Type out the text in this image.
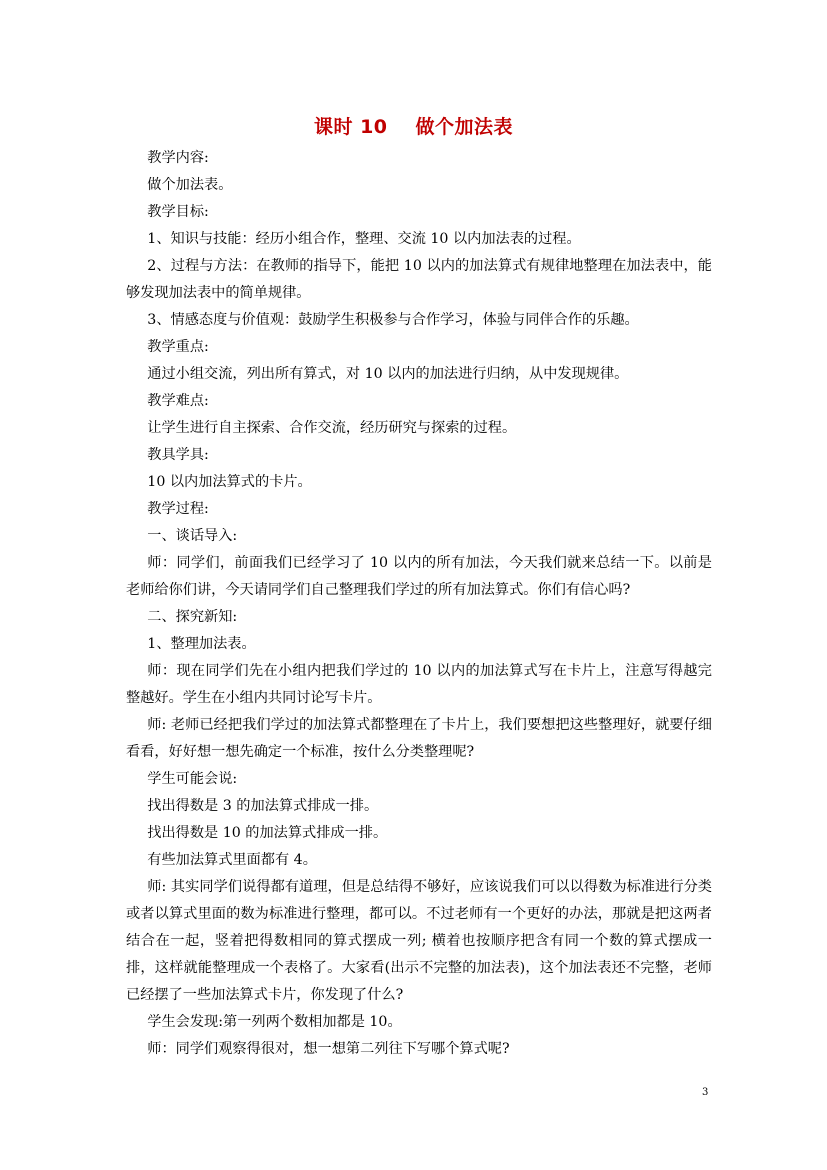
课时 10 做个加法表

教学内容:

做个加法表。

教学目标:

1、知识与技能：经历小组合作，整理、交流 10 以内加法表的过程。

2、过程与方法：在教师的指导下，能把 10 以内的加法算式有规律地整理在加法表中，能够发现加法表中的简单规律。

3、情感态度与价值观：鼓励学生积极参与合作学习，体验与同伴合作的乐趣。

教学重点:

通过小组交流，列出所有算式，对 10 以内的加法进行归纳，从中发现规律。

教学难点:

让学生进行自主探索、合作交流，经历研究与探索的过程。

教具学具:

10 以内加法算式的卡片。

教学过程:

一、谈话导入:

师：同学们，前面我们已经学习了 10 以内的所有加法，今天我们就来总结一下。以前是老师给你们讲，今天请同学们自己整理我们学过的所有加法算式。你们有信心吗?

二、探究新知:

1、整理加法表。

师：现在同学们先在小组内把我们学过的 10 以内的加法算式写在卡片上，注意写得越完整越好。学生在小组内共同讨论写卡片。

师: 老师已经把我们学过的加法算式都整理在了卡片上，我们要想把这些整理好，就要仔细看看，好好想一想先确定一个标准，按什么分类整理呢?

学生可能会说:

找出得数是 3 的加法算式排成一排。

找出得数是 10 的加法算式排成一排。

有些加法算式里面都有 4。

师: 其实同学们说得都有道理，但是总结得不够好，应该说我们可以以得数为标准进行分类或者以算式里面的数为标准进行整理，都可以。不过老师有一个更好的办法，那就是把这两者结合在一起，竖着把得数相同的算式摆成一列; 横着也按顺序把含有同一个数的算式摆成一排，这样就能整理成一个表格了。大家看(出示不完整的加法表)，这个加法表还不完整，老师已经摆了一些加法算式卡片，你发现了什么?

学生会发现:第一列两个数相加都是 10。

师：同学们观察得很对，想一想第二列往下写哪个算式呢?

3
